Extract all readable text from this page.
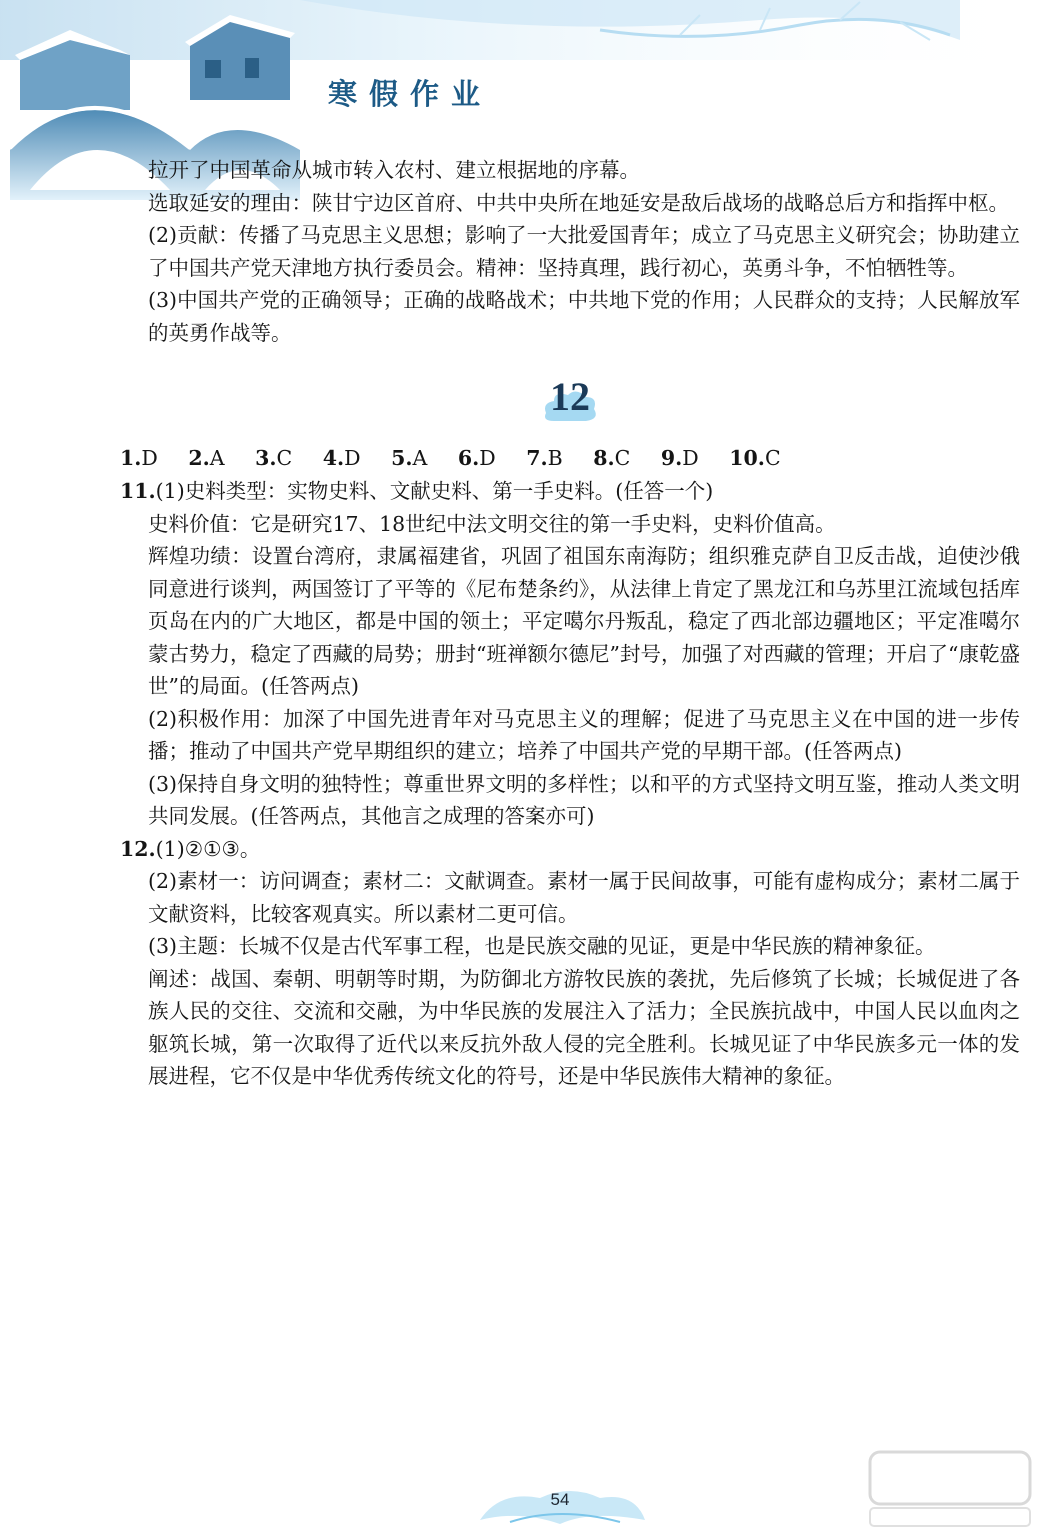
寒假作业

拉开了中国革命从城市转入农村、建立根据地的序幕。

选取延安的理由：陕甘宁边区首府、中共中央所在地延安是敌后战场的战略总后方和指挥中枢。

(2)贡献：传播了马克思主义思想；影响了一大批爱国青年；成立了马克思主义研究会；协助建立了中国共产党天津地方执行委员会。精神：坚持真理，践行初心，英勇斗争，不怕牺牲等。

(3)中国共产党的正确领导；正确的战略战术；中共地下党的作用；人民群众的支持；人民解放军的英勇作战等。

12
1.D 2.A 3.C 4.D 5.A 6.D 7.B 8.C 9.D 10.C

11.(1)史料类型：实物史料、文献史料、第一手史料。(任答一个)

史料价值：它是研究17、18世纪中法文明交往的第一手史料，史料价值高。

辉煌功绩：设置台湾府，隶属福建省，巩固了祖国东南海防；组织雅克萨自卫反击战，迫使沙俄同意进行谈判，两国签订了平等的《尼布楚条约》，从法律上肯定了黑龙江和乌苏里江流域包括库页岛在内的广大地区，都是中国的领土；平定噶尔丹叛乱，稳定了西北部边疆地区；平定准噶尔蒙古势力，稳定了西藏的局势；册封“班禅额尔德尼”封号，加强了对西藏的管理；开启了“康乾盛世”的局面。(任答两点)

(2)积极作用：加深了中国先进青年对马克思主义的理解；促进了马克思主义在中国的进一步传播；推动了中国共产党早期组织的建立；培养了中国共产党的早期干部。(任答两点)

(3)保持自身文明的独特性；尊重世界文明的多样性；以和平的方式坚持文明互鉴，推动人类文明共同发展。(任答两点，其他言之成理的答案亦可)

12.(1)②①③。

(2)素材一：访问调查；素材二：文献调查。素材一属于民间故事，可能有虚构成分；素材二属于文献资料，比较客观真实。所以素材二更可信。

(3)主题：长城不仅是古代军事工程，也是民族交融的见证，更是中华民族的精神象征。

阐述：战国、秦朝、明朝等时期，为防御北方游牧民族的袭扰，先后修筑了长城；长城促进了各族人民的交往、交流和交融，为中华民族的发展注入了活力；全民族抗战中，中国人民以血肉之躯筑长城，第一次取得了近代以来反抗外敌人侵的完全胜利。长城见证了中华民族多元一体的发展进程，它不仅是中华优秀传统文化的符号，还是中华民族伟大精神的象征。

54
